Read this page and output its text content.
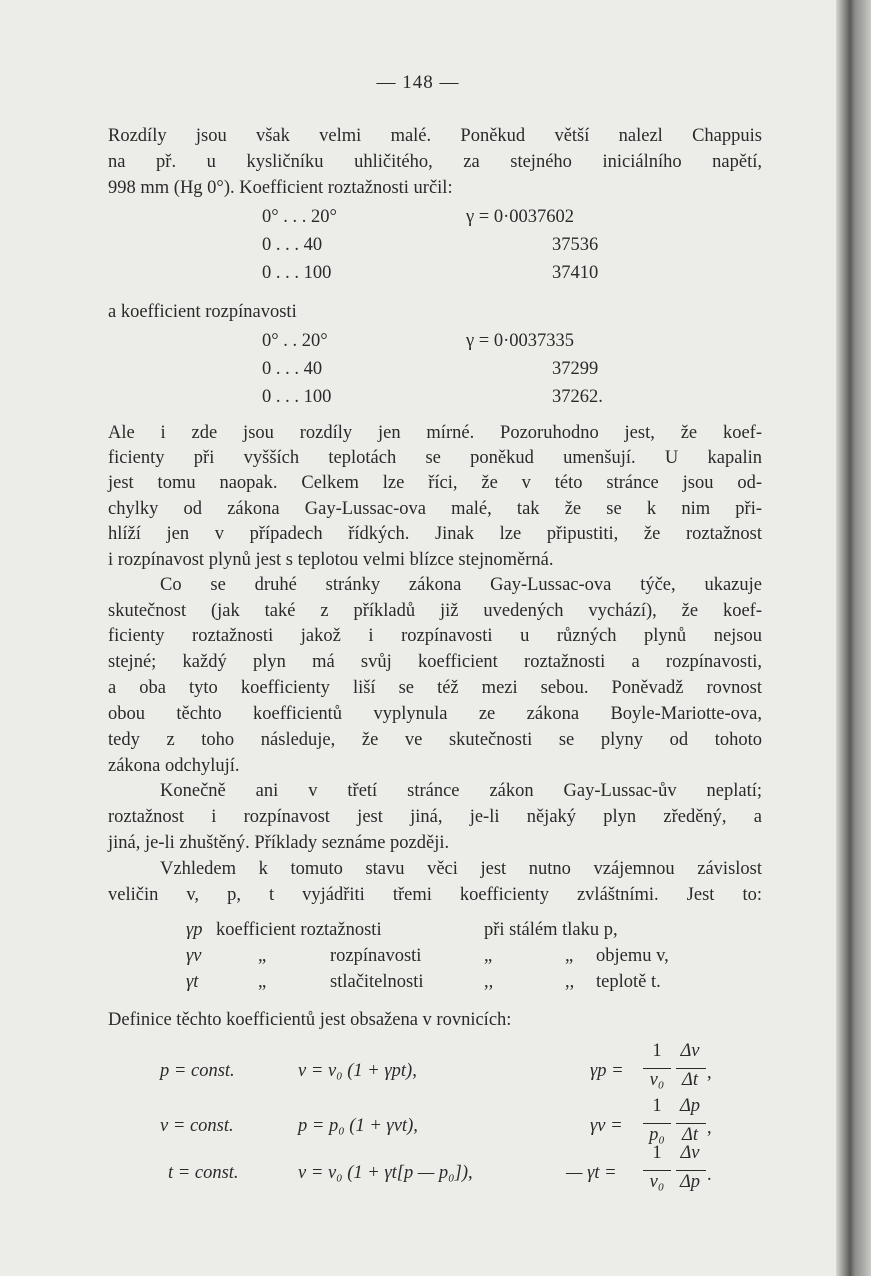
— 148 —
Rozdíly jsou však velmi malé. Poněkud větší nalezl Chappuis
na př. u kysličníku uhličitého, za stejného iniciálního napětí,
998 mm (Hg 0°). Koefficient roztažnosti určil:
0° . . . 20°	γ = 0·0037602
0 . . . 40	37536
0 . . . 100	37410
a koefficient rozpínavosti
0° . . 20°	γ = 0·0037335
0 . . . 40	37299
0 . . . 100	37262.
Ale i zde jsou rozdíly jen mírné. Pozoruhodno jest, že koef-
ficienty při vyšších teplotách se poněkud umenšují. U kapalin
jest tomu naopak. Celkem lze říci, že v této stránce jsou od-
chylky od zákona Gay-Lussac-ova malé, tak že se k nim při-
hlíží jen v případech řídkých. Jinak lze připustiti, že roztažnost
i rozpínavost plynů jest s teplotou velmi blízce stejnoměrná.
Co se druhé stránky zákona Gay-Lussac-ova týče, ukazuje
skutečnost (jak také z příkladů již uvedených vychází), že koef-
ficienty roztažnosti jakož i rozpínavosti u různých plynů nejsou
stejné; každý plyn má svůj koefficient roztažnosti a rozpínavosti,
a oba tyto koefficienty liší se též mezi sebou. Poněvadž rovnost
obou těchto koefficientů vyplynula ze zákona Boyle-Mariotte-ova,
tedy z toho následuje, že ve skutečnosti se plyny od tohoto
zákona odchylují.
Konečně ani v třetí stránce zákon Gay-Lussac-ův neplatí;
roztažnost i rozpínavost jest jiná, je-li nějaký plyn zředěný, a
jiná, je-li zhuštěný. Příklady seznáme později.
Vzhledem k tomuto stavu věci jest nutno vzájemnou závislost
veličin v, p, t vyjádřiti třemi koefficienty zvláštními. Jest to:
γp koefficient roztažnosti	při stálém tlaku p,
γv	„	rozpínavosti	„	„ objemu v,
γt	„	stlačitelnosti	,,	,, teplotě t.
Definice těchto koefficientů jest obsažena v rovnicích:
p = const.	v = v₀ (1 + γpt),	γp =
1
v₀
Δv
Δt ,
v = const.	p = p₀ (1 + γvt),	γv =
1
p₀
Δp
Δt ,
t = const.	v = v₀ (1 + γt[p — p₀]),	— γt =
1
v₀
Δv
Δp .
